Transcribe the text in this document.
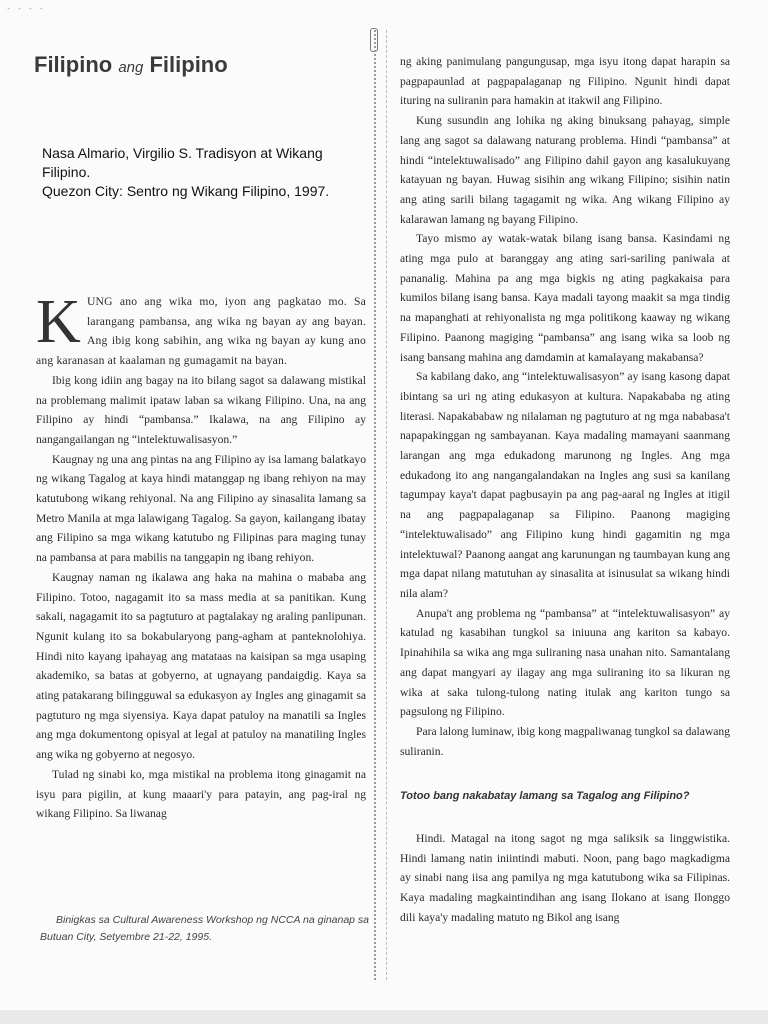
- - - -
Filipino ang Filipino
Nasa Almario, Virgilio S. Tradisyon at Wikang Filipino.
Quezon City: Sentro ng Wikang Filipino, 1997.

KUNG ano ang wika mo, iyon ang pagkatao mo. Sa larangang pambansa, ang wika ng bayan ay ang bayan. Ang ibig kong sabihin, ang wika ng bayan ay kung ano ang karanasan at kaalaman ng gumagamit na bayan.

Ibig kong idiin ang bagay na ito bilang sagot sa dalawang mistikal na problemang malimit ipataw laban sa wikang Filipino. Una, na ang Filipino ay hindi “pambansa.” Ikalawa, na ang Filipino ay nangangailangan ng “intelektuwalisasyon.”

Kaugnay ng una ang pintas na ang Filipino ay isa lamang balatkayo ng wikang Tagalog at kaya hindi matanggap ng ibang rehiyon na may katutubong wikang rehiyonal. Na ang Filipino ay sinasalita lamang sa Metro Manila at mga lalawigang Tagalog. Sa gayon, kailangang ibatay ang Filipino sa mga wikang katutubo ng Filipinas para maging tunay na pambansa at para mabilis na tanggapin ng ibang rehiyon.

Kaugnay naman ng ikalawa ang haka na mahina o mababa ang Filipino. Totoo, nagagamit ito sa mass media at sa panitikan. Kung sakali, nagagamit ito sa pagtuturo at pagtalakay ng araling panlipunan. Ngunit kulang ito sa bokabularyong pang-agham at panteknolohiya. Hindi nito kayang ipahayag ang matataas na kaisipan sa mga usaping akademiko, sa batas at gobyerno, at ugnayang pandaigdig. Kaya sa ating patakarang bilingguwal sa edukasyon ay Ingles ang ginagamit sa pagtuturo ng mga siyensiya. Kaya dapat patuloy na manatili sa Ingles ang mga dokumentong opisyal at legal at patuloy na manatiling Ingles ang wika ng gobyerno at negosyo.

Tulad ng sinabi ko, mga mistikal na problema itong ginagamit na isyu para pigilin, at kung maaari'y para patayin, ang pag-iral ng wikang Filipino. Sa liwanag

Binigkas sa Cultural Awareness Workshop ng NCCA na ginanap sa Butuan City, Setyembre 21-22, 1995.

ng aking panimulang pangungusap, mga isyu itong dapat harapin sa pagpapaunlad at pagpapalaganap ng Filipino. Ngunit hindi dapat ituring na suliranin para hamakin at itakwil ang Filipino.

Kung susundin ang lohika ng aking binuksang pahayag, simple lang ang sagot sa dalawang naturang problema. Hindi “pambansa” at hindi “intelektuwalisado” ang Filipino dahil gayon ang kasalukuyang katayuan ng bayan. Huwag sisihin ang wikang Filipino; sisihin natin ang ating sarili bilang tagagamit ng wika. Ang wikang Filipino ay kalarawan lamang ng bayang Filipino.

Tayo mismo ay watak-watak bilang isang bansa. Kasindami ng ating mga pulo at baranggay ang ating sari-sariling paniwala at pananalig. Mahina pa ang mga bigkis ng ating pagkakaisa para kumilos bilang isang bansa. Kaya madali tayong maakit sa mga tindig na mapanghati at rehiyonalista ng mga politikong kaaway ng wikang Filipino. Paanong magiging “pambansa” ang isang wika sa loob ng isang bansang mahina ang damdamin at kamalayang makabansa?

Sa kabilang dako, ang “intelektuwalisasyon” ay isang kasong dapat ibintang sa uri ng ating edukasyon at kultura. Napakababa ng ating literasi. Napakababaw ng nilalaman ng pagtuturo at ng mga nababasa't napapakinggan ng sambayanan. Kaya madaling mamayani saanmang larangan ang mga edukadong marunong ng Ingles. Ang mga edukadong ito ang nangangalandakan na Ingles ang susi sa kanilang tagumpay kaya't dapat pagbusayin pa ang pag-aaral ng Ingles at itigil na ang pagpapalaganap sa Filipino. Paanong magiging “intelektuwalisado” ang Filipino kung hindi gagamitin ng mga intelektuwal? Paanong aangat ang karunungan ng taumbayan kung ang mga dapat nilang matutuhan ay sinasalita at isinusulat sa wikang hindi nila alam?

Anupa't ang problema ng “pambansa” at “intelektuwalisasyon” ay katulad ng kasabihan tungkol sa iniuuna ang kariton sa kabayo. Ipinahihila sa wika ang mga suliraning nasa unahan nito. Samantalang ang dapat mangyari ay ilagay ang mga suliraning ito sa likuran ng wika at saka tulong-tulong nating itulak ang kariton tungo sa pagsulong ng Filipino.

Para lalong luminaw, ibig kong magpaliwanag tungkol sa dalawang suliranin.

Totoo bang nakabatay lamang sa Tagalog ang Filipino?

Hindi. Matagal na itong sagot ng mga saliksik sa linggwistika. Hindi lamang natin iniintindi mabuti. Noon, pang bago magkadigma ay sinabi nang iisa ang pamilya ng mga katutubong wika sa Filipinas. Kaya madaling magkaintindihan ang isang Ilokano at isang Ilonggo dili kaya'y madaling matuto ng Bikol ang isang
